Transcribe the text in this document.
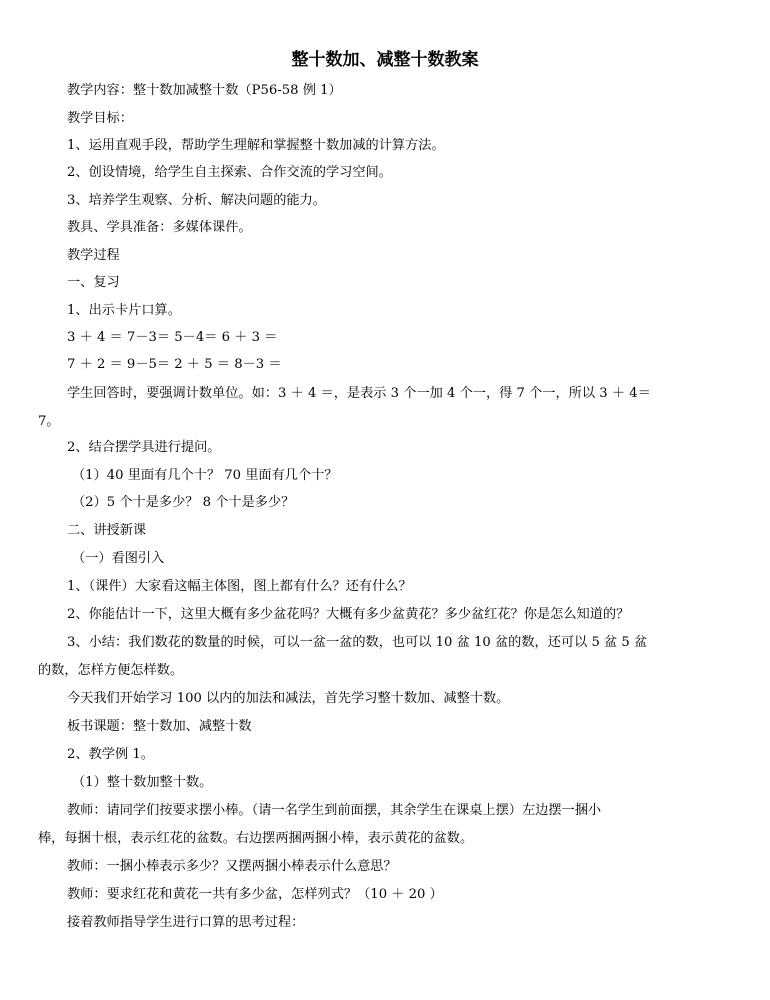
整十数加、减整十数教案
教学内容：整十数加减整十数（P56-58 例 1）
教学目标：
1、运用直观手段，帮助学生理解和掌握整十数加减的计算方法。
2、创设情境，给学生自主探索、合作交流的学习空间。
3、培养学生观察、分析、解决问题的能力。
教具、学具准备：多媒体课件。
教学过程
一、复习
1、出示卡片口算。
3 ＋ 4 ＝ 7－3＝ 5－4＝ 6 ＋ 3 ＝
7 ＋ 2 ＝ 9－5＝ 2 ＋ 5 ＝ 8－3 ＝
学生回答时，要强调计数单位。如：3 ＋ 4 ＝，是表示 3 个一加 4 个一，得 7 个一，所以 3 ＋ 4＝
7。
2、结合摆学具进行提问。
（1）40 里面有几个十？ 70 里面有几个十？
（2）5 个十是多少？ 8 个十是多少？
二、讲授新课
（一）看图引入
1、（课件）大家看这幅主体图，图上都有什么？还有什么？
2、你能估计一下，这里大概有多少盆花吗？大概有多少盆黄花？多少盆红花？你是怎么知道的？
3、小结：我们数花的数量的时候，可以一盆一盆的数，也可以 10 盆 10 盆的数，还可以 5 盆 5 盆
的数，怎样方便怎样数。
今天我们开始学习 100 以内的加法和减法，首先学习整十数加、减整十数。
板书课题：整十数加、减整十数
2、教学例 1。
（1）整十数加整十数。
教师：请同学们按要求摆小棒。（请一名学生到前面摆，其余学生在课桌上摆）左边摆一捆小
棒，每捆十根，表示红花的盆数。右边摆两捆两捆小棒，表示黄花的盆数。
教师：一捆小棒表示多少？又摆两捆小棒表示什么意思？
教师：要求红花和黄花一共有多少盆，怎样列式？（10 ＋ 20 ）
接着教师指导学生进行口算的思考过程：
